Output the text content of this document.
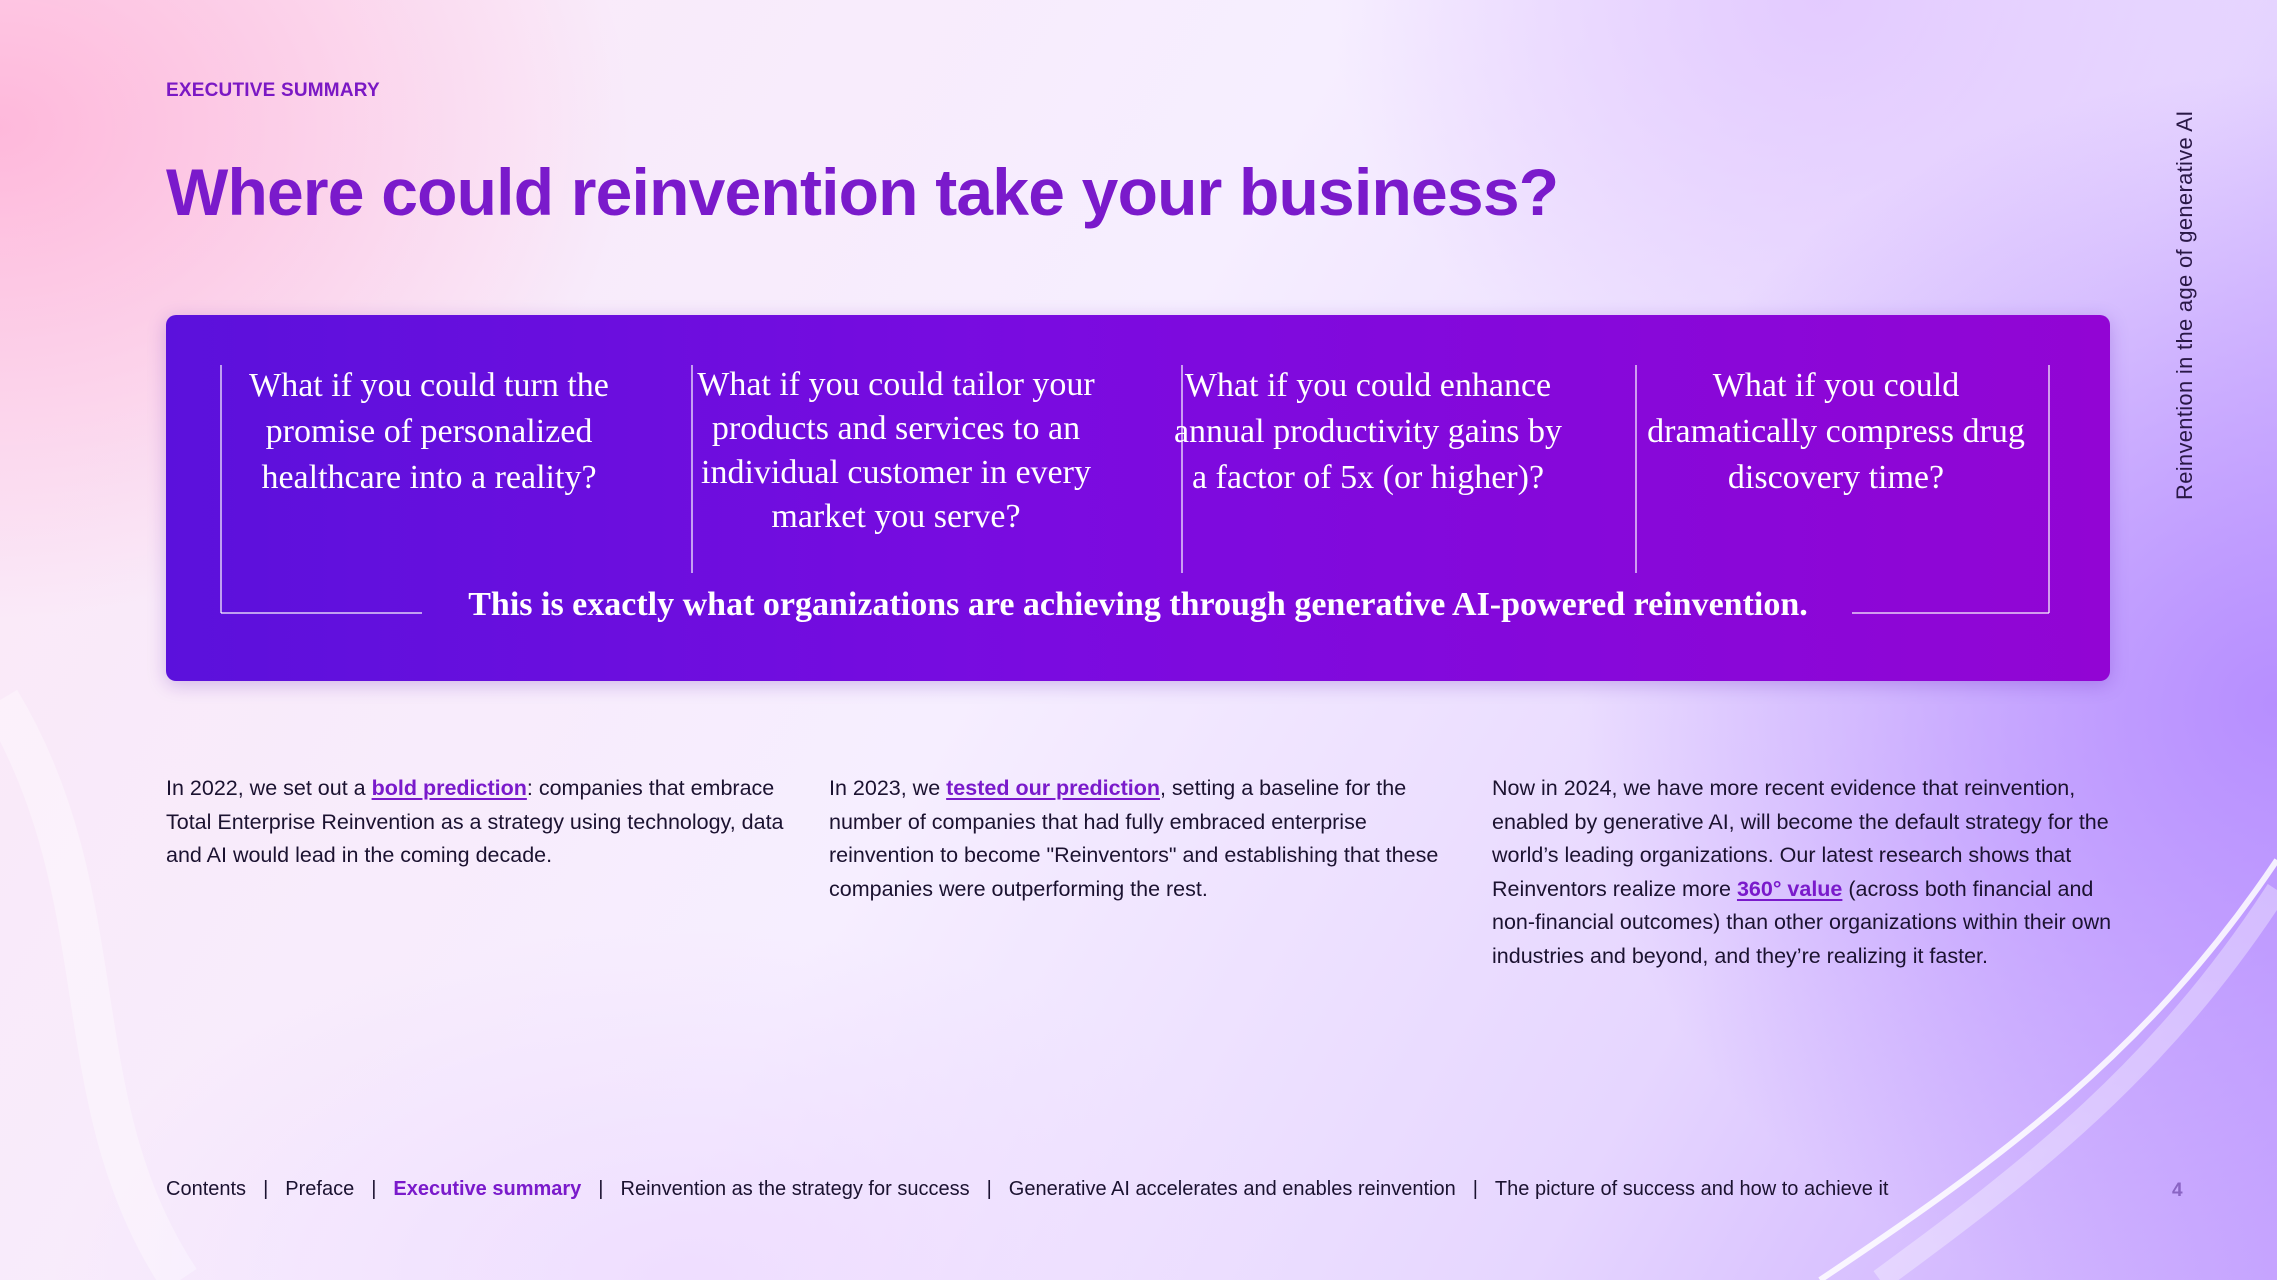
EXECUTIVE SUMMARY
Where could reinvention take your business?	Reinvention in the age of generative AI
What if you could turn the promise of personalized healthcare into a reality?
What if you could tailor your products and services to an individual customer in every market you serve?
What if you could enhance annual productivity gains by a factor of 5x (or higher)?
What if you could dramatically compress drug discovery time?
This is exactly what organizations are achieving through generative AI-powered reinvention.
In 2022, we set out a bold prediction: companies that embrace Total Enterprise Reinvention as a strategy using technology, data and AI would lead in the coming decade.
In 2023, we tested our prediction, setting a baseline for the number of companies that had fully embraced enterprise reinvention to become "Reinventors" and establishing that these companies were outperforming the rest.
Now in 2024, we have more recent evidence that reinvention, enabled by generative AI, will become the default strategy for the world’s leading organizations. Our latest research shows that Reinventors realize more 360° value (across both financial and non-financial outcomes) than other organizations within their own industries and beyond, and they’re realizing it faster.
Contents | Preface | Executive summary | Reinvention as the strategy for success | Generative AI accelerates and enables reinvention | The picture of success and how to achieve it	4
